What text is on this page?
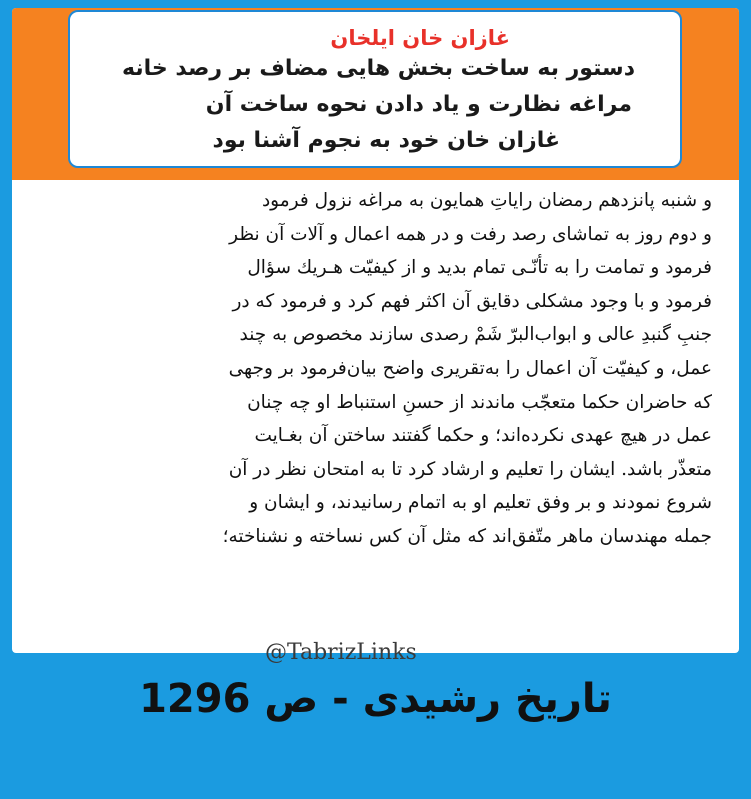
غازان خان ایلخان
دستور به ساخت بخش هایی مضاف بر رصد خانه
مراغه نظارت و یاد دادن نحوه ساخت آن
غازان خان خود به نجوم آشنا بود
و شنبه پانزدهم رمضان رایاتِ همایون به مراغه نزول فرمود
و دوم روز به تماشای رصد رفت و در همه اعمال و آلات آن نظر
فرمود و تمامت را به تأنّـی تمام بدید و از کیفیّت هـریك سؤال
فرمود و با وجود مشکلی دقایق آن اکثر فهم کرد و فرمود که در
جنبِ گنبدِ عالی و ابواب‌البرّ شَمْ رصدی سازند مخصوص به چند
عمل، و کیفیّت آن اعمال را به‌تقریری واضح بیان‌فرمود بر وجهی
که حاضران حکما متعجّب ماندند از حسنِ استنباط او چه چنان
عمل در هیچ عهدی نکرده‌اند؛ و حکما گفتند ساختن آن بغـایت
متعذّر باشد. ایشان را تعلیم و ارشاد کرد تا به امتحان نظر در آن
شروع نمودند و بر وفق تعلیم او به اتمام رسانیدند، و ایشان و
جمله مهندسان ماهر متّفق‌اند که مثل آن کس نساخته و نشناخته؛
@TabrizLinks
تاریخ رشیدی - ص 1296
